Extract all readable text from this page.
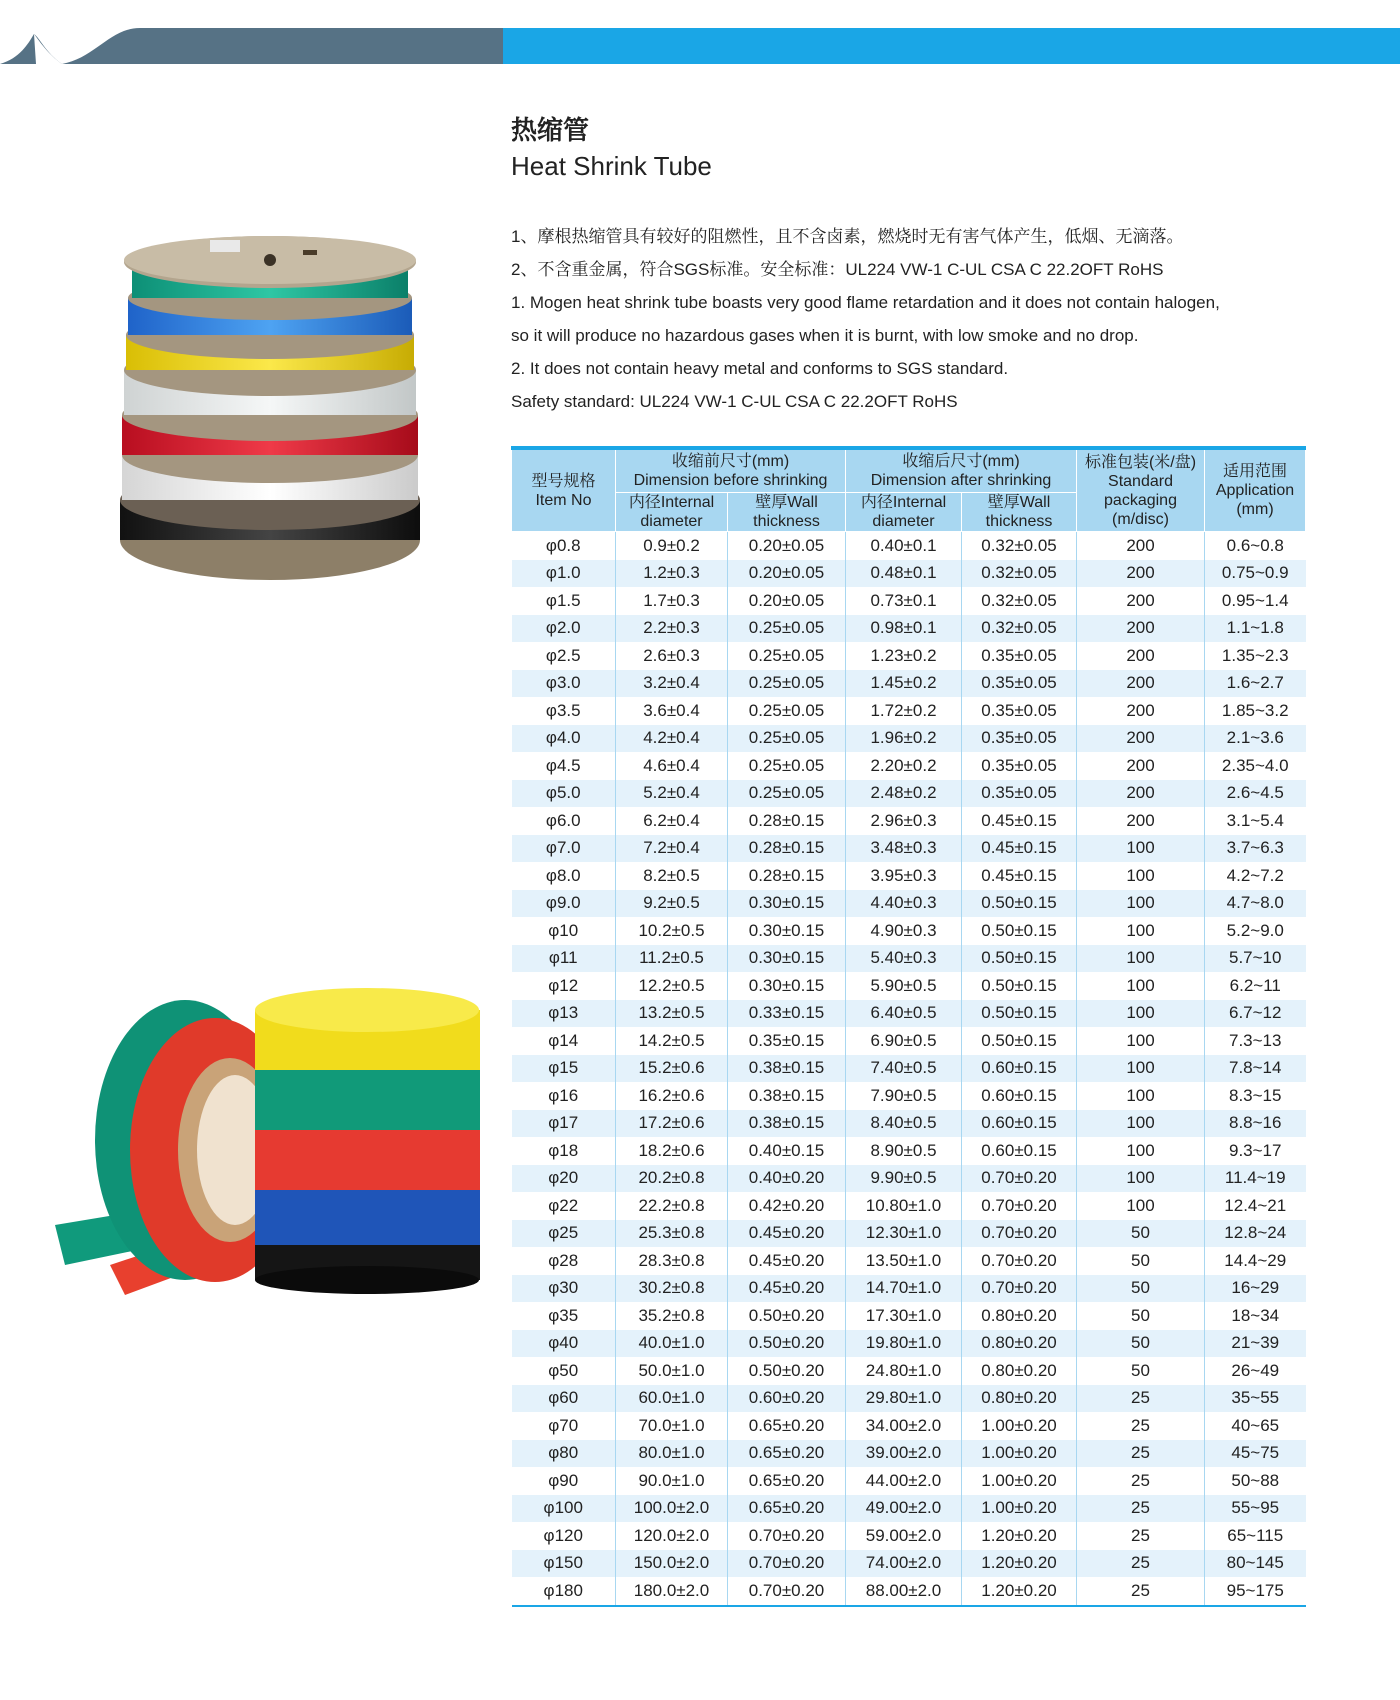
热缩管
Heat Shrink Tube

1、摩根热缩管具有较好的阻燃性，且不含卤素，燃烧时无有害气体产生，低烟、无滴落。

2、不含重金属，符合SGS标准。安全标准：UL224 VW-1 C-UL CSA C 22.2OFT RoHS

1. Mogen heat shrink tube boasts very good flame retardation and it does not contain halogen,

so it will produce no hazardous gases when it is burnt, with low smoke and no drop.

2. It does not contain heavy metal and conforms to SGS standard.

Safety standard: UL224 VW-1 C-UL CSA C 22.2OFT RoHS

型号规格
Item No	收缩前尺寸(mm)
Dimension before shrinking		收缩后尺寸(mm)
Dimension after shrinking		标准包装(米/盘)
Standard packaging (m/disc)	适用范围
Application (mm)
	内径Internal diameter	壁厚Wall thickness	内径Internal diameter	壁厚Wall thickness		
φ0.8	0.9±0.2	0.20±0.05	0.40±0.1	0.32±0.05	200	0.6~0.8
φ1.0	1.2±0.3	0.20±0.05	0.48±0.1	0.32±0.05	200	0.75~0.9
φ1.5	1.7±0.3	0.20±0.05	0.73±0.1	0.32±0.05	200	0.95~1.4
φ2.0	2.2±0.3	0.25±0.05	0.98±0.1	0.32±0.05	200	1.1~1.8
φ2.5	2.6±0.3	0.25±0.05	1.23±0.2	0.35±0.05	200	1.35~2.3
φ3.0	3.2±0.4	0.25±0.05	1.45±0.2	0.35±0.05	200	1.6~2.7
φ3.5	3.6±0.4	0.25±0.05	1.72±0.2	0.35±0.05	200	1.85~3.2
φ4.0	4.2±0.4	0.25±0.05	1.96±0.2	0.35±0.05	200	2.1~3.6
φ4.5	4.6±0.4	0.25±0.05	2.20±0.2	0.35±0.05	200	2.35~4.0
φ5.0	5.2±0.4	0.25±0.05	2.48±0.2	0.35±0.05	200	2.6~4.5
φ6.0	6.2±0.4	0.28±0.15	2.96±0.3	0.45±0.15	200	3.1~5.4
φ7.0	7.2±0.4	0.28±0.15	3.48±0.3	0.45±0.15	100	3.7~6.3
φ8.0	8.2±0.5	0.28±0.15	3.95±0.3	0.45±0.15	100	4.2~7.2
φ9.0	9.2±0.5	0.30±0.15	4.40±0.3	0.50±0.15	100	4.7~8.0
φ10	10.2±0.5	0.30±0.15	4.90±0.3	0.50±0.15	100	5.2~9.0
φ11	11.2±0.5	0.30±0.15	5.40±0.3	0.50±0.15	100	5.7~10
φ12	12.2±0.5	0.30±0.15	5.90±0.5	0.50±0.15	100	6.2~11
φ13	13.2±0.5	0.33±0.15	6.40±0.5	0.50±0.15	100	6.7~12
φ14	14.2±0.5	0.35±0.15	6.90±0.5	0.50±0.15	100	7.3~13
φ15	15.2±0.6	0.38±0.15	7.40±0.5	0.60±0.15	100	7.8~14
φ16	16.2±0.6	0.38±0.15	7.90±0.5	0.60±0.15	100	8.3~15
φ17	17.2±0.6	0.38±0.15	8.40±0.5	0.60±0.15	100	8.8~16
φ18	18.2±0.6	0.40±0.15	8.90±0.5	0.60±0.15	100	9.3~17
φ20	20.2±0.8	0.40±0.20	9.90±0.5	0.70±0.20	100	11.4~19
φ22	22.2±0.8	0.42±0.20	10.80±1.0	0.70±0.20	100	12.4~21
φ25	25.3±0.8	0.45±0.20	12.30±1.0	0.70±0.20	50	12.8~24
φ28	28.3±0.8	0.45±0.20	13.50±1.0	0.70±0.20	50	14.4~29
φ30	30.2±0.8	0.45±0.20	14.70±1.0	0.70±0.20	50	16~29
φ35	35.2±0.8	0.50±0.20	17.30±1.0	0.80±0.20	50	18~34
φ40	40.0±1.0	0.50±0.20	19.80±1.0	0.80±0.20	50	21~39
φ50	50.0±1.0	0.50±0.20	24.80±1.0	0.80±0.20	50	26~49
φ60	60.0±1.0	0.60±0.20	29.80±1.0	0.80±0.20	25	35~55
φ70	70.0±1.0	0.65±0.20	34.00±2.0	1.00±0.20	25	40~65
φ80	80.0±1.0	0.65±0.20	39.00±2.0	1.00±0.20	25	45~75
φ90	90.0±1.0	0.65±0.20	44.00±2.0	1.00±0.20	25	50~88
φ100	100.0±2.0	0.65±0.20	49.00±2.0	1.00±0.20	25	55~95
φ120	120.0±2.0	0.70±0.20	59.00±2.0	1.20±0.20	25	65~115
φ150	150.0±2.0	0.70±0.20	74.00±2.0	1.20±0.20	25	80~145
φ180	180.0±2.0	0.70±0.20	88.00±2.0	1.20±0.20	25	95~175
